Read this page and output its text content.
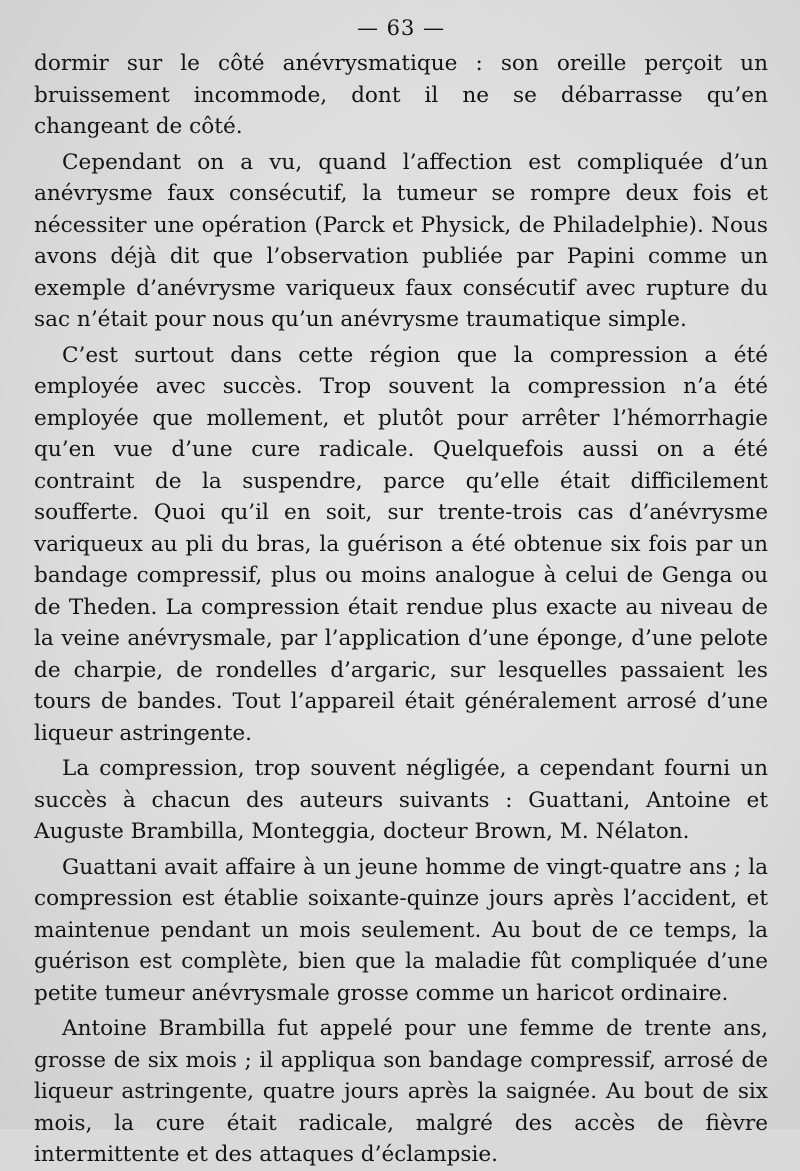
— 63 —

dormir sur le côté anévrysmatique : son oreille perçoit un bruissement incommode, dont il ne se débarrasse qu’en changeant de côté.

Cependant on a vu, quand l’affection est compliquée d’un anévrysme faux consécutif, la tumeur se rompre deux fois et nécessiter une opération (Parck et Physick, de Philadelphie). Nous avons déjà dit que l’observation publiée par Papini comme un exemple d’anévrysme variqueux faux consécutif avec rupture du sac n’était pour nous qu’un anévrysme traumatique simple.

C’est surtout dans cette région que la compression a été employée avec succès. Trop souvent la compression n’a été employée que mollement, et plutôt pour arrêter l’hémorrhagie qu’en vue d’une cure radicale. Quelquefois aussi on a été contraint de la suspendre, parce qu’elle était difficilement soufferte. Quoi qu’il en soit, sur trente-trois cas d’anévrysme variqueux au pli du bras, la guérison a été obtenue six fois par un bandage compressif, plus ou moins analogue à celui de Genga ou de Theden. La compression était rendue plus exacte au niveau de la veine anévrysmale, par l’application d’une éponge, d’une pelote de charpie, de rondelles d’argaric, sur lesquelles passaient les tours de bandes. Tout l’appareil était généralement arrosé d’une liqueur astringente.

La compression, trop souvent négligée, a cependant fourni un succès à chacun des auteurs suivants : Guattani, Antoine et Auguste Brambilla, Monteggia, docteur Brown, M. Nélaton.

Guattani avait affaire à un jeune homme de vingt-quatre ans ; la compression est établie soixante-quinze jours après l’accident, et maintenue pendant un mois seulement. Au bout de ce temps, la guérison est complète, bien que la maladie fût compliquée d’une petite tumeur anévrysmale grosse comme un haricot ordinaire.

Antoine Brambilla fut appelé pour une femme de trente ans, grosse de six mois ; il appliqua son bandage compressif, arrosé de liqueur astringente, quatre jours après la saignée. Au bout de six mois, la cure était radicale, malgré des accès de fièvre intermittente et des attaques d’éclampsie.
